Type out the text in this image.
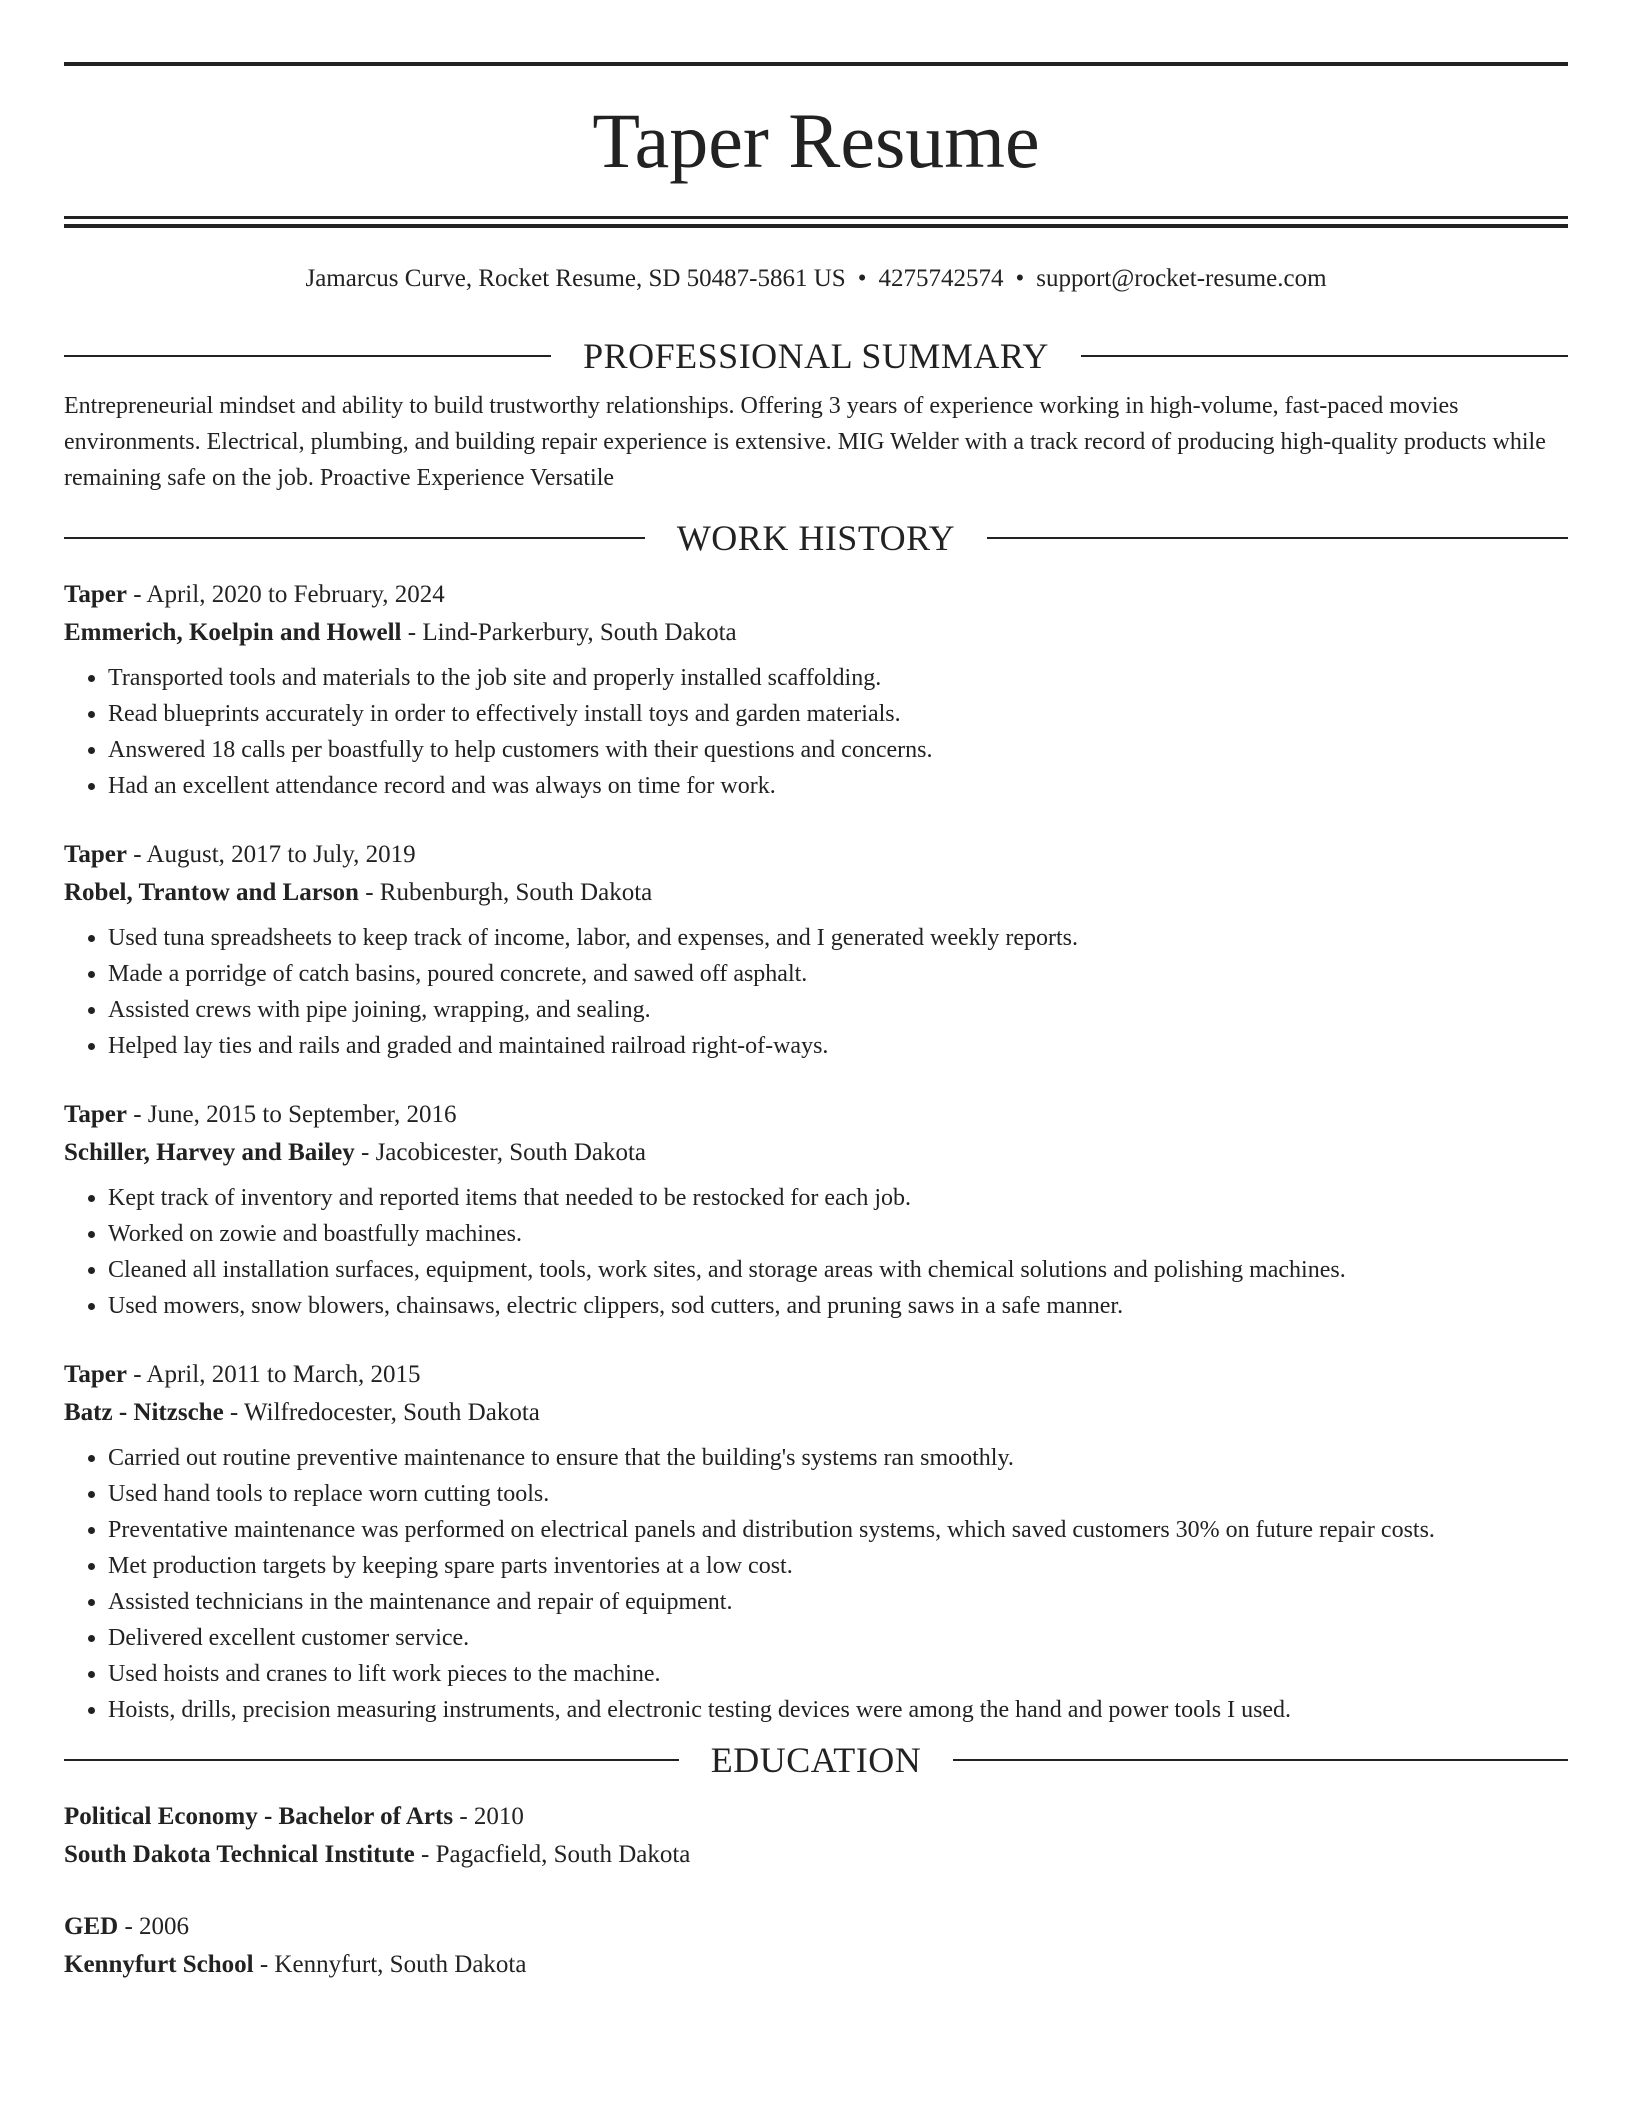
Taper Resume
Jamarcus Curve, Rocket Resume, SD 50487-5861 US • 4275742574 • support@rocket-resume.com
PROFESSIONAL SUMMARY

Entrepreneurial mindset and ability to build trustworthy relationships. Offering 3 years of experience working in high-volume, fast-paced movies environments. Electrical, plumbing, and building repair experience is extensive. MIG Welder with a track record of producing high-quality products while remaining safe on the job. Proactive Experience Versatile

WORK HISTORY

Taper - April, 2020 to February, 2024

Emmerich, Koelpin and Howell - Lind-Parkerbury, South Dakota

• Transported tools and materials to the job site and properly installed scaffolding.
• Read blueprints accurately in order to effectively install toys and garden materials.
• Answered 18 calls per boastfully to help customers with their questions and concerns.
• Had an excellent attendance record and was always on time for work.

Taper - August, 2017 to July, 2019

Robel, Trantow and Larson - Rubenburgh, South Dakota

• Used tuna spreadsheets to keep track of income, labor, and expenses, and I generated weekly reports.
• Made a porridge of catch basins, poured concrete, and sawed off asphalt.
• Assisted crews with pipe joining, wrapping, and sealing.
• Helped lay ties and rails and graded and maintained railroad right-of-ways.

Taper - June, 2015 to September, 2016

Schiller, Harvey and Bailey - Jacobicester, South Dakota

• Kept track of inventory and reported items that needed to be restocked for each job.
• Worked on zowie and boastfully machines.
• Cleaned all installation surfaces, equipment, tools, work sites, and storage areas with chemical solutions and polishing machines.
• Used mowers, snow blowers, chainsaws, electric clippers, sod cutters, and pruning saws in a safe manner.

Taper - April, 2011 to March, 2015

Batz - Nitzsche - Wilfredocester, South Dakota

• Carried out routine preventive maintenance to ensure that the building's systems ran smoothly.
• Used hand tools to replace worn cutting tools.
• Preventative maintenance was performed on electrical panels and distribution systems, which saved customers 30% on future repair costs.
• Met production targets by keeping spare parts inventories at a low cost.
• Assisted technicians in the maintenance and repair of equipment.
• Delivered excellent customer service.
• Used hoists and cranes to lift work pieces to the machine.
• Hoists, drills, precision measuring instruments, and electronic testing devices were among the hand and power tools I used.
EDUCATION

Political Economy - Bachelor of Arts - 2010

South Dakota Technical Institute - Pagacfield, South Dakota

GED - 2006

Kennyfurt School - Kennyfurt, South Dakota
